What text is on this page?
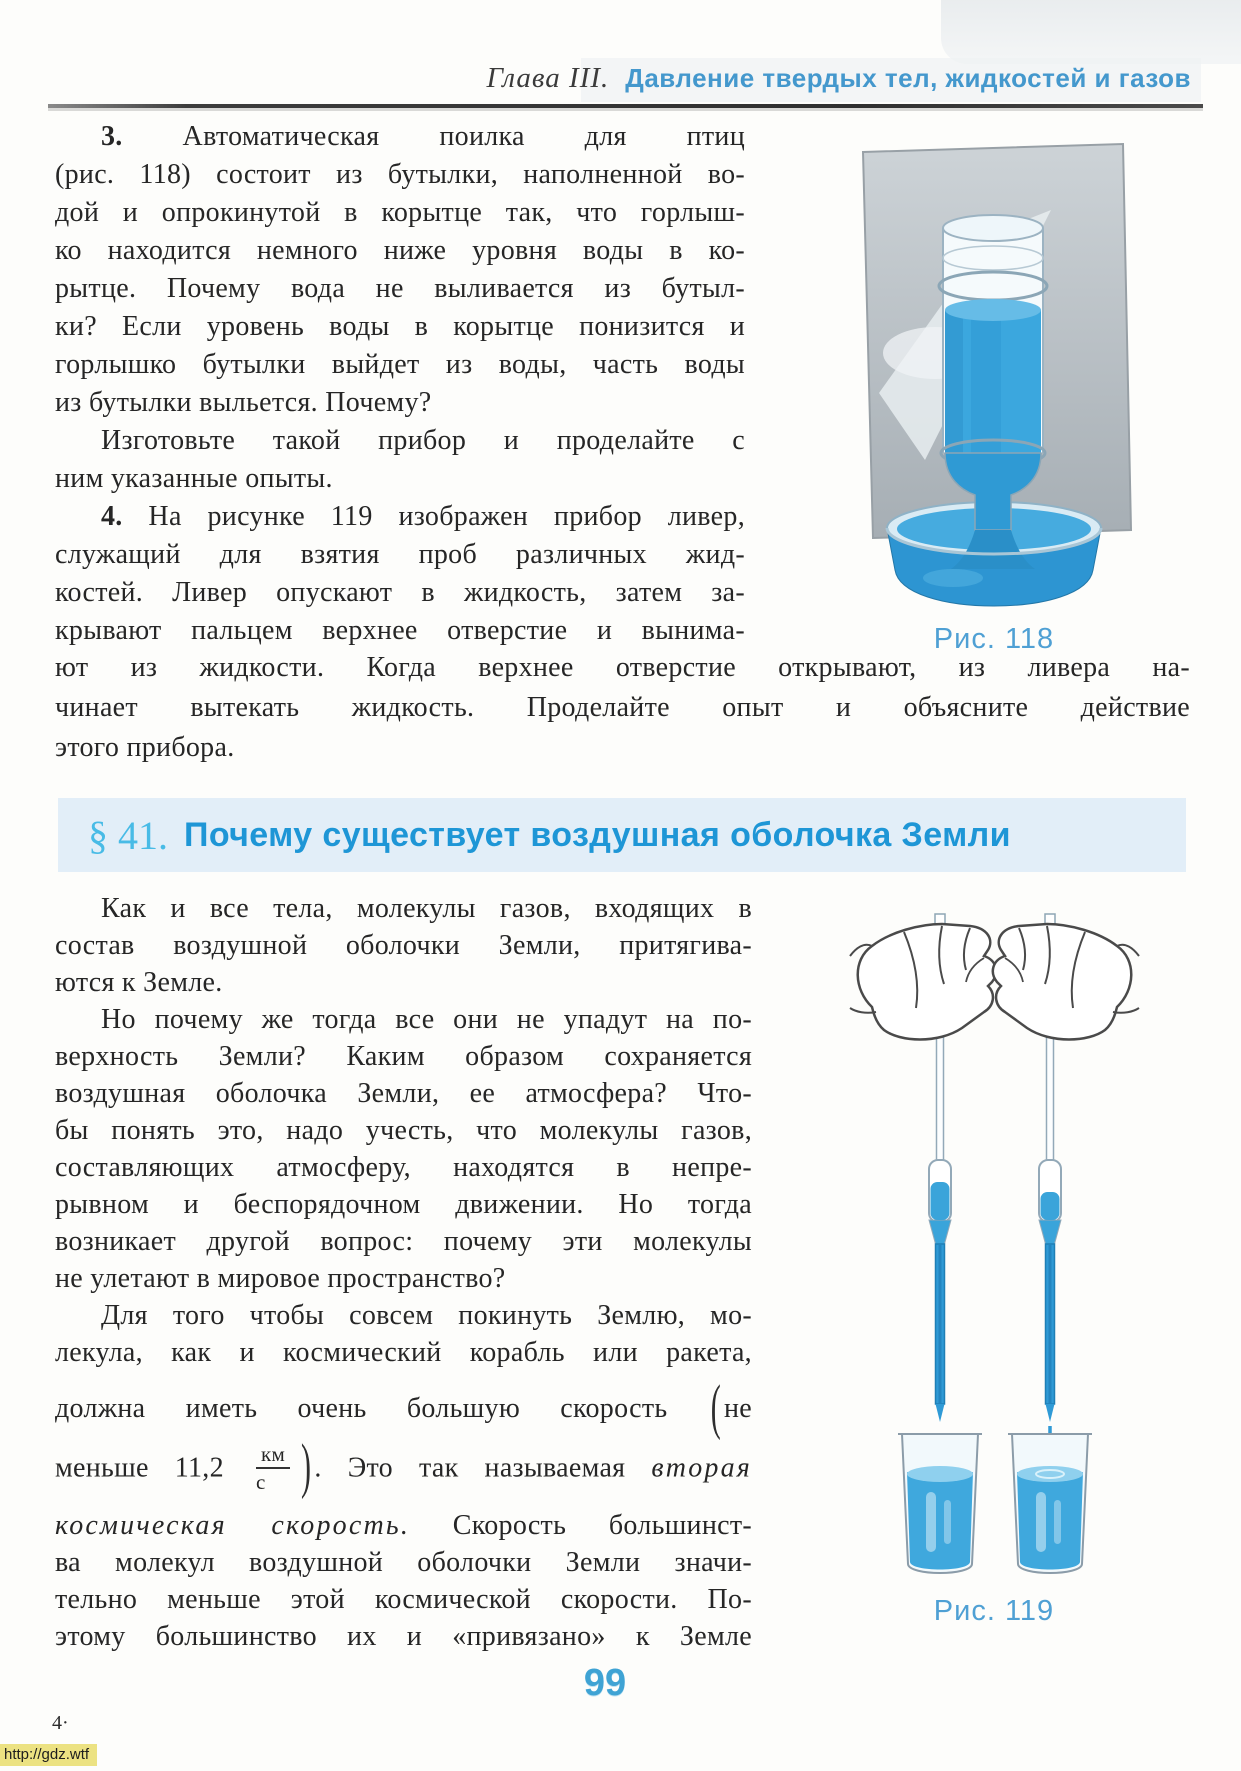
Глава III. Давление твердых тел, жидкостей и газов
3. Автоматическая поилка для птиц
(рис. 118) состоит из бутылки, наполненной во-
дой и опрокинутой в корытце так, что горлыш-
ко находится немного ниже уровня воды в ко-
рытце. Почему вода не выливается из бутыл-
ки? Если уровень воды в корытце понизится и
горлышко бутылки выйдет из воды, часть воды
из бутылки выльется. Почему?
Изготовьте такой прибор и проделайте с
ним указанные опыты.
4. На рисунке 119 изображен прибор ливер,
служащий для взятия проб различных жид-
костей. Ливер опускают в жидкость, затем за-
крывают пальцем верхнее отверстие и вынима-	Рис. 118
ют из жидкости. Когда верхнее отверстие открывают, из ливера на-
чинает вытекать жидкость. Проделайте опыт и объясните действие
этого прибора.
§ 41. Почему существует воздушная оболочка Земли
Как и все тела, молекулы газов, входящих в
состав воздушной оболочки Земли, притягива-
ются к Земле.
Но почему же тогда все они не упадут на по-
верхность Земли? Каким образом сохраняется
воздушная оболочка Земли, ее атмосфера? Что-
бы понять это, надо учесть, что молекулы газов,
составляющих атмосферу, находятся в непре-
рывном и беспорядочном движении. Но тогда
возникает другой вопрос: почему эти молекулы
не улетают в мировое пространство?
Для того чтобы совсем покинуть Землю, мо-
лекула, как и космический корабль или ракета,
должна иметь очень большую скорость ( не
меньше $11,2 \frac{км}{с}$ ) . Это так называемая вторая
космическая скорость. Скорость большинст-
ва молекул воздушной оболочки Земли значи-
тельно меньше этой космической скорости. По-
этому большинство их и «привязано» к Земле
Рис. 119
99
4·
http://gdz.wtf
